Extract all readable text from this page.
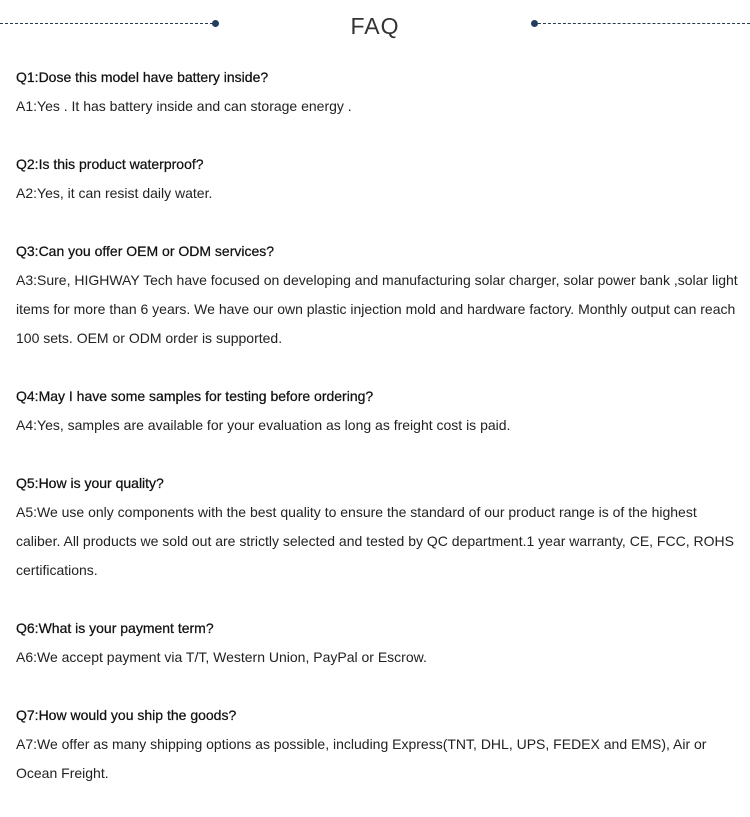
FAQ
Q1:Dose this model have battery inside?
A1:Yes . It has battery inside and can storage energy .
Q2:Is this product waterproof?
A2:Yes, it can resist daily water.
Q3:Can you offer OEM or ODM services?
A3:Sure, HIGHWAY Tech have focused on developing and manufacturing solar charger, solar power bank ,solar light items for more than 6 years. We have our own plastic injection mold and hardware factory. Monthly output can reach 100 sets. OEM or ODM order is supported.
Q4:May I have some samples for testing before ordering?
A4:Yes, samples are available for your evaluation as long as freight cost is paid.
Q5:How is your quality?
A5:We use only components with the best quality to ensure the standard of our product range is of the highest caliber. All products we sold out are strictly selected and tested by QC department.1 year warranty, CE, FCC, ROHS certifications.
Q6:What is your payment term?
A6:We accept payment via T/T, Western Union, PayPal or Escrow.
Q7:How would you ship the goods?
A7:We offer as many shipping options as possible, including Express(TNT, DHL, UPS, FEDEX and EMS), Air or Ocean Freight.
